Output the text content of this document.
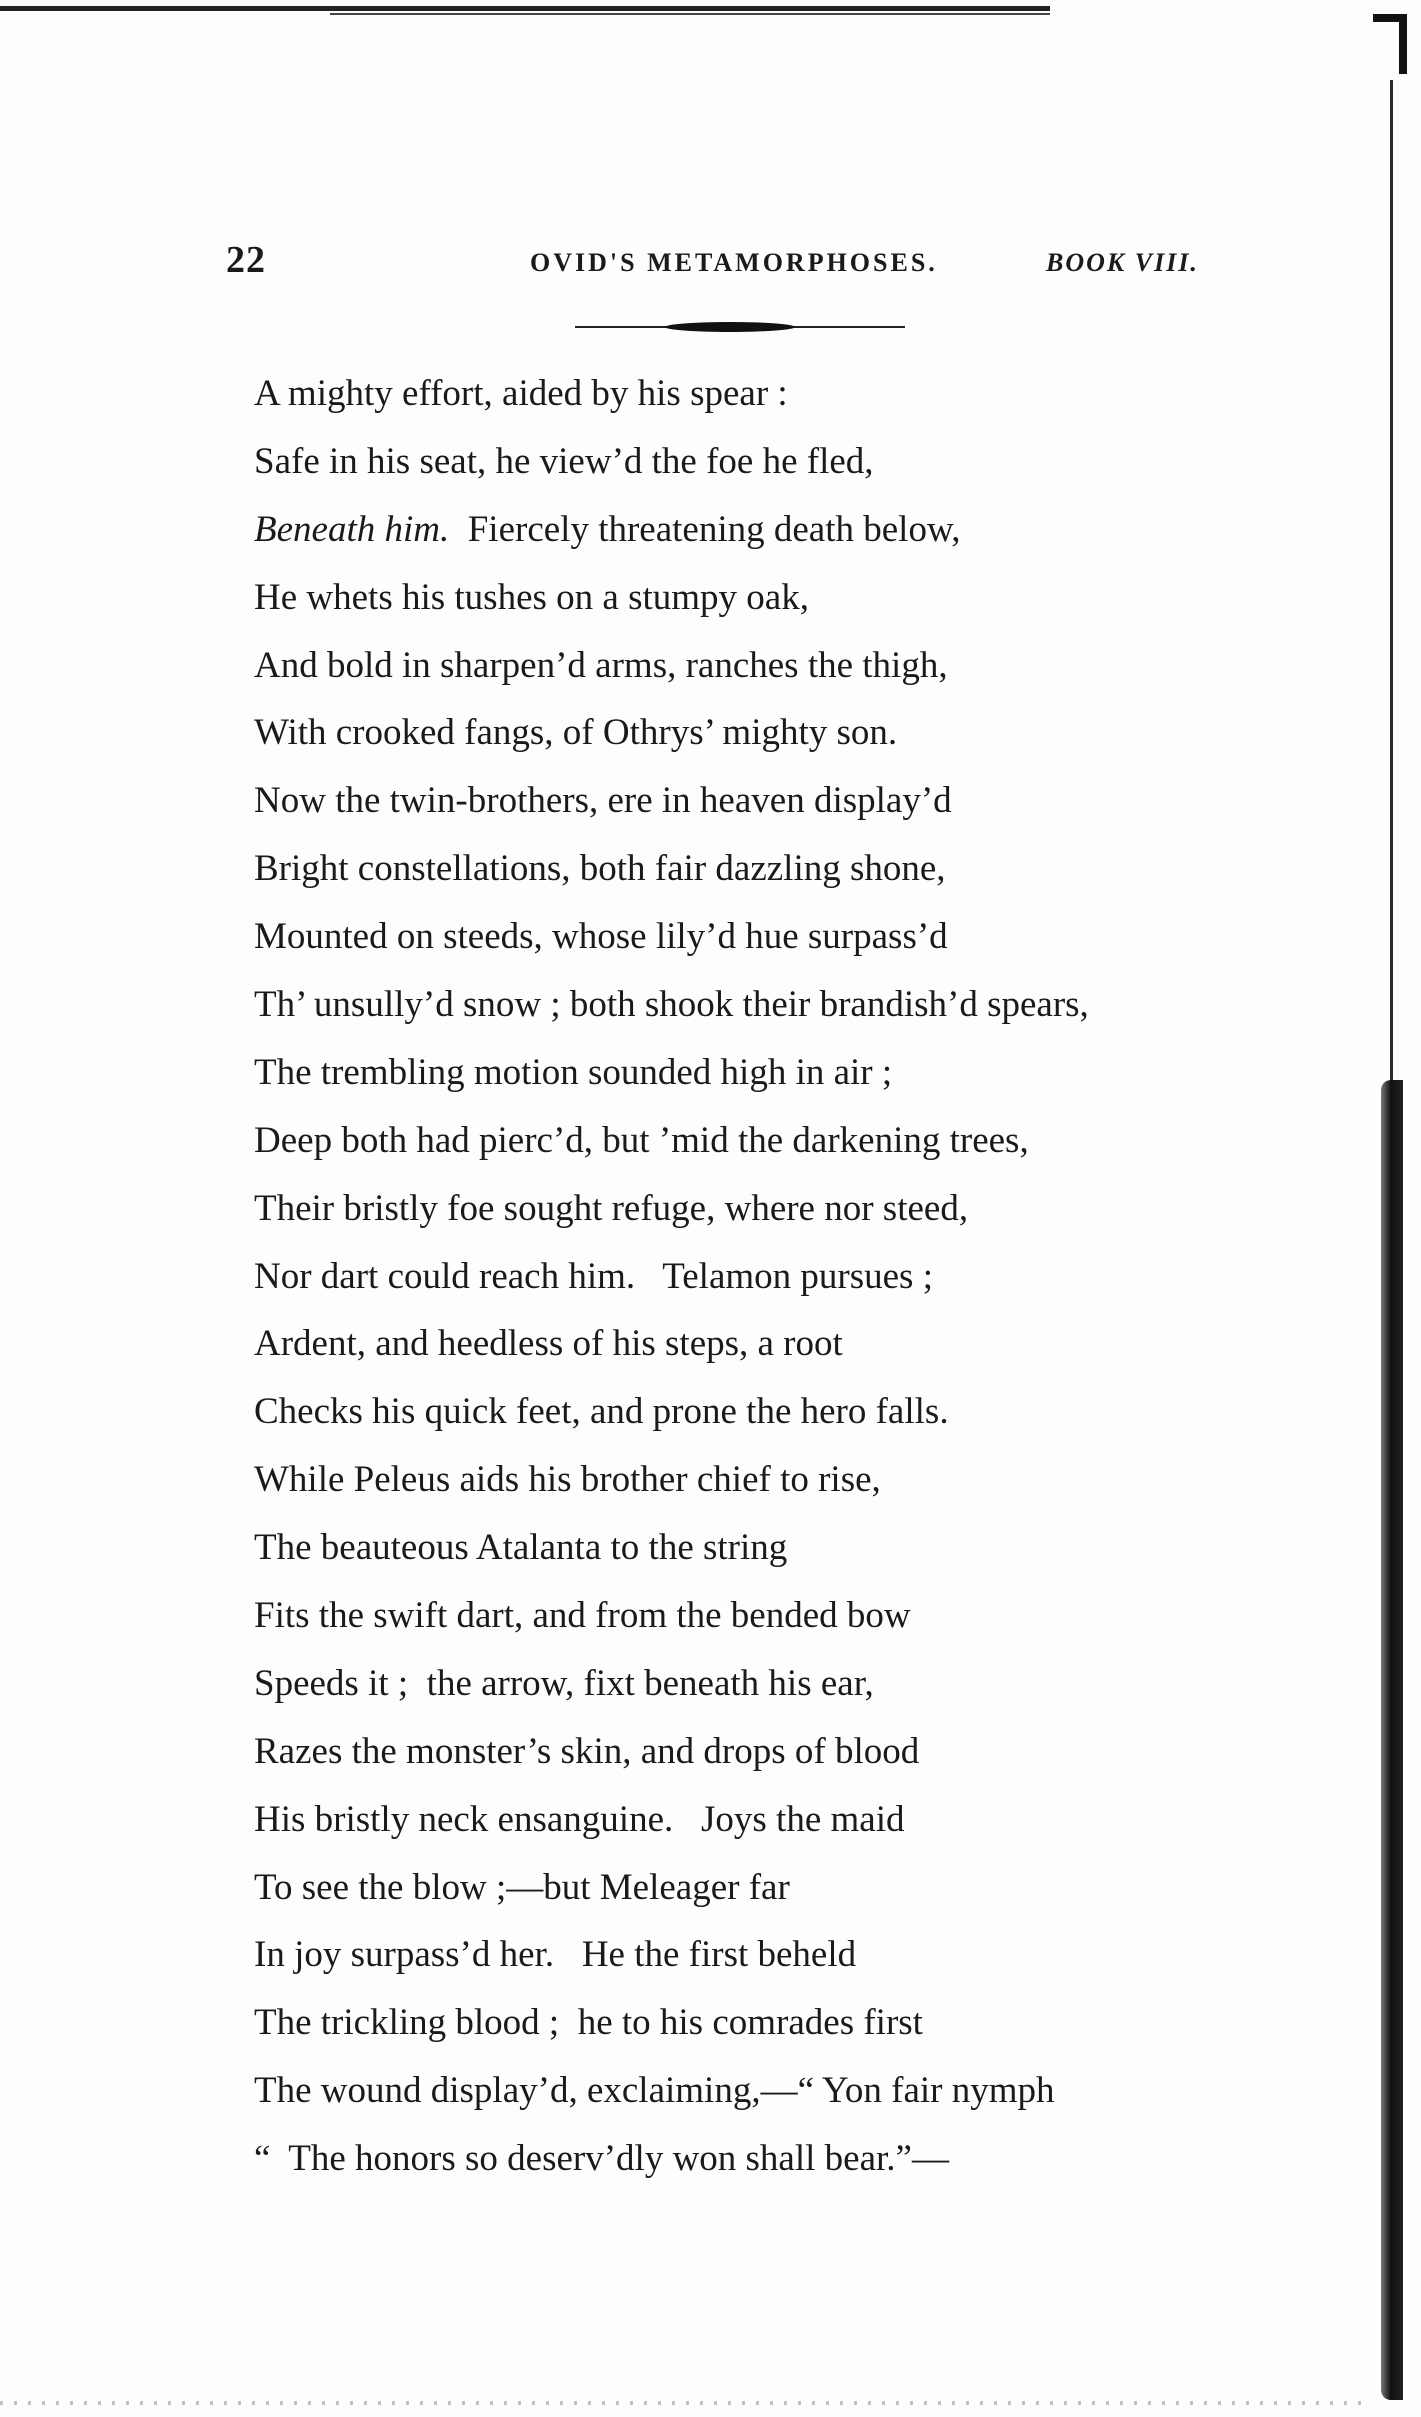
22	OVID'S METAMORPHOSES.	BOOK VIII.
A mighty effort, aided by his spear :
Safe in his seat, he view’d the foe he fled,
Beneath him.  Fiercely threatening death below,
He whets his tushes on a stumpy oak,
And bold in sharpen’d arms, ranches the thigh,
With crooked fangs, of Othrys’ mighty son.
Now the twin-brothers, ere in heaven display’d
Bright constellations, both fair dazzling shone,
Mounted on steeds, whose lily’d hue surpass’d
Th’ unsully’d snow ; both shook their brandish’d spears,
The trembling motion sounded high in air ;
Deep both had pierc’d, but ’mid the darkening trees,
Their bristly foe sought refuge, where nor steed,
Nor dart could reach him.   Telamon pursues ;
Ardent, and heedless of his steps, a root
Checks his quick feet, and prone the hero falls.
While Peleus aids his brother chief to rise,
The beauteous Atalanta to the string
Fits the swift dart, and from the bended bow
Speeds it ;  the arrow, fixt beneath his ear,
Razes the monster’s skin, and drops of blood
His bristly neck ensanguine.   Joys the maid
To see the blow ;—but Meleager far
In joy surpass’d her.   He the first beheld
The trickling blood ;  he to his comrades first
The wound display’d, exclaiming,—“ Yon fair nymph
“  The honors so deserv’dly won shall bear.”—
